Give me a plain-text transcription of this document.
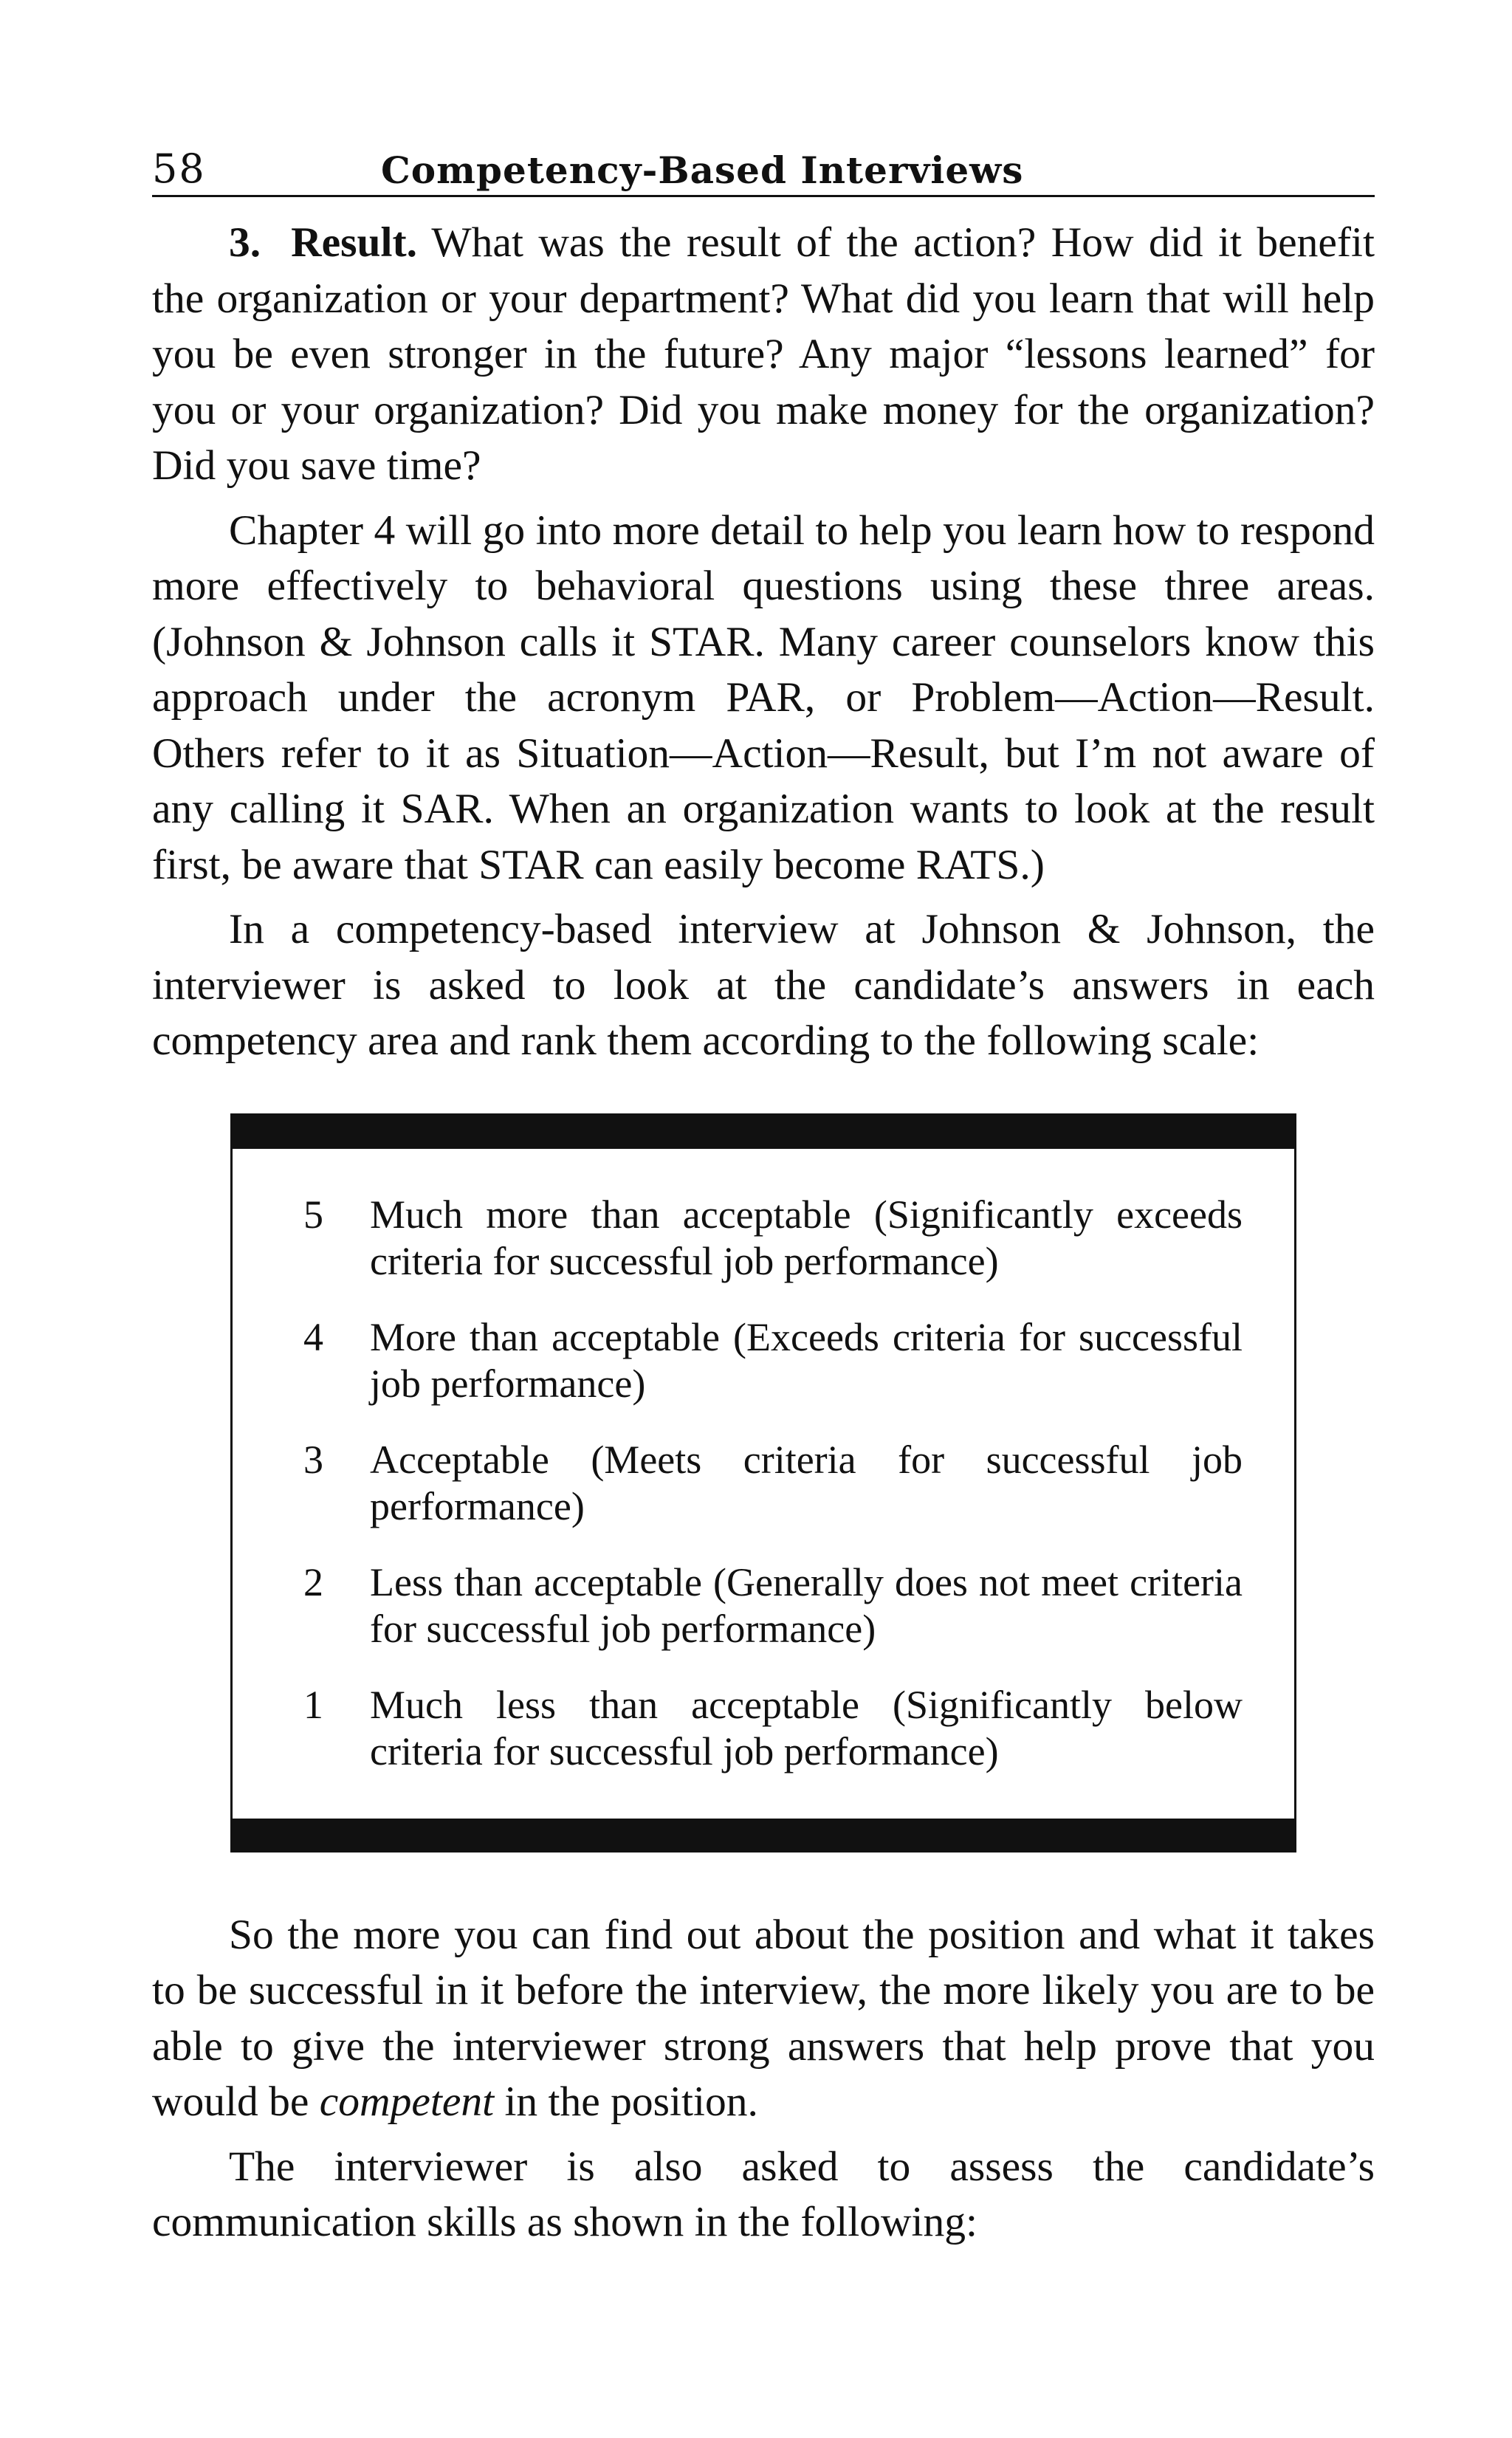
58	Competency-Based Interviews

3. Result. What was the result of the action? How did it benefit the organization or your department? What did you learn that will help you be even stronger in the future? Any major “lessons learned” for you or your organization? Did you make money for the organization? Did you save time?

Chapter 4 will go into more detail to help you learn how to respond more effectively to behavioral questions using these three areas. (Johnson & Johnson calls it STAR. Many career counselors know this approach under the acronym PAR, or Problem—Action—Result. Others refer to it as Situation—Action—Result, but I’m not aware of any calling it SAR. When an organization wants to look at the result first, be aware that STAR can easily become RATS.)

In a competency-based interview at Johnson & Johnson, the interviewer is asked to look at the candidate’s answers in each competency area and rank them according to the following scale:

5	Much more than acceptable (Significantly exceeds criteria for successful job performance)
4	More than acceptable (Exceeds criteria for successful job performance)
3	Acceptable (Meets criteria for successful job performance)
2	Less than acceptable (Generally does not meet criteria for successful job performance)
1	Much less than acceptable (Significantly below criteria for successful job performance)

So the more you can find out about the position and what it takes to be successful in it before the interview, the more likely you are to be able to give the interviewer strong answers that help prove that you would be competent in the position.

The interviewer is also asked to assess the candidate’s communication skills as shown in the following:
